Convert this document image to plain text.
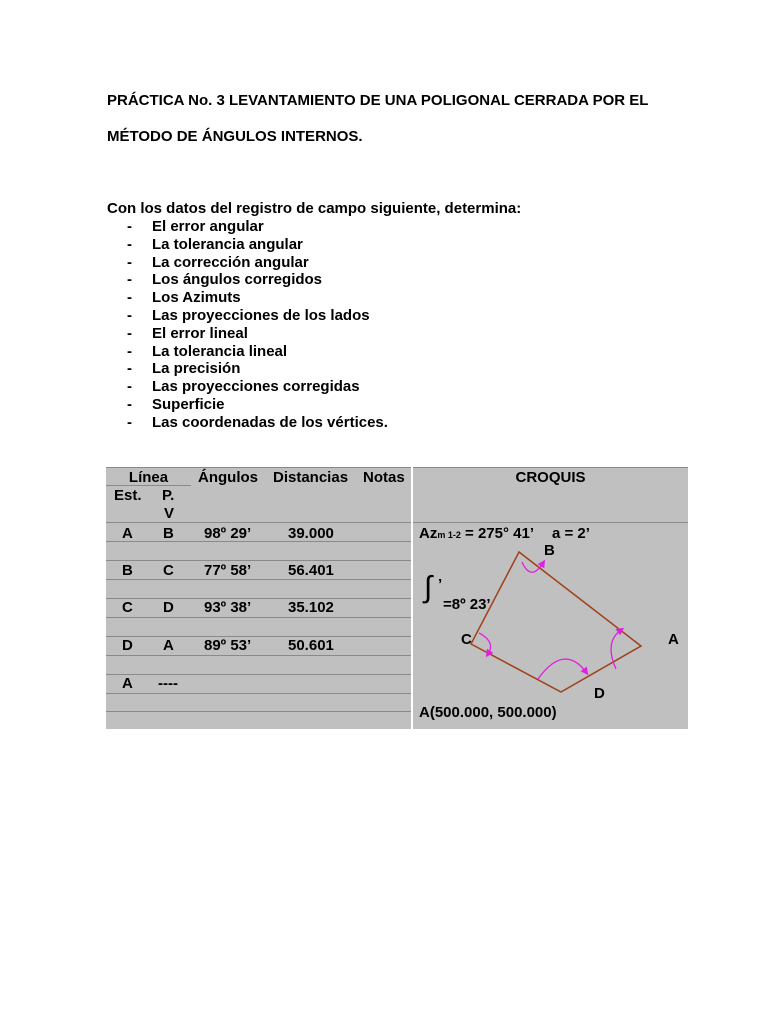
PRÁCTICA No. 3 LEVANTAMIENTO DE UNA POLIGONAL CERRADA POR EL
MÉTODO DE ÁNGULOS INTERNOS.
Con los datos del registro de campo siguiente, determina:
- El error angular
- La tolerancia angular
- La corrección angular
- Los ángulos corregidos
- Los Azimuts
- Las proyecciones de los lados
- El error lineal
- La tolerancia lineal
- La precisión
- Las proyecciones corregidas
- Superficie
- Las coordenadas de los vértices.
Línea
Est. P.
V
Ángulos Distancias Notas	CROQUIS
A B 98º 29’ 39.000
B C 77º 58’ 56.401
C D 93º 38’ 35.102
D A 89º 53’ 50.601
A ----
Azm 1-2 = 275° 41’ a = 2’
∫ ’
=8º 23’
B
C	A
D
A(500.000, 500.000)
